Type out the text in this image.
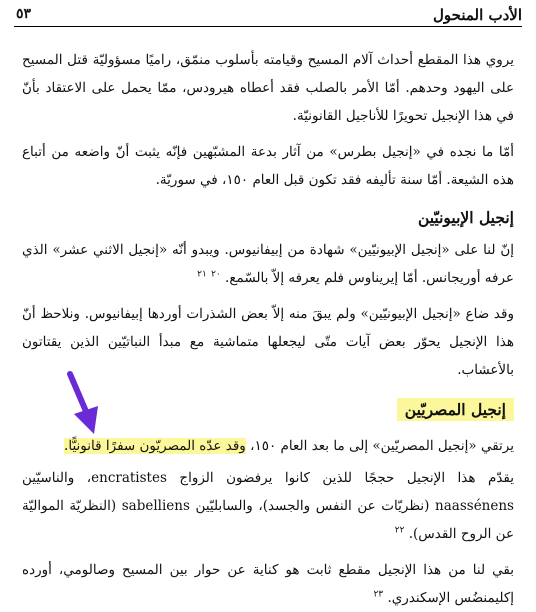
الأدب المنحول
٥٣
يروي هذا المقطع أحداث آلام المسيح وقيامته بأسلوب منمّق، راميًا مسؤوليّة قتل المسيح على اليهود وحدهم. أمّا الأمر بالصلب فقد أعطاه هيرودس، ممّا يحمل على الاعتقاد بأنّ في هذا الإنجيل تحويرًا للأناجيل القانونيّة.
أمّا ما نجده في «إنجيل بطرس» من آثار بدعة المشبّهين فإنّه يثبت أنّ واضعه من أتباع هذه الشيعة. أمّا سنة تأليفه فقد تكون قبل العام ١٥٠، في سوريّة.
إنجيل الإبيونيّين
إنّ لنا على «إنجيل الإبيونيّين» شهادة من إبيفانيوس. ويبدو أنّه «إنجيل الاثني عشر» الذي عرفه أوريجانس. أمّا إيريناوس فلم يعرفه إلاّ بالسّمع. $^{٢٠}$ $^{٢١}$
وقد ضاع «إنجيل الإبيونيّين» ولم يبقَ منه إلاّ بعض الشذرات أوردها إبيفانيوس. ونلاحظ أنّ هذا الإنجيل يحوّر بعض آيات متّى ليجعلها متماشية مع مبدأ النباتيّين الذين يقتاتون بالأعشاب.
إنجيل المصريّين
يرتقي «إنجيل المصريّين» إلى ما بعد العام ١٥٠، وقد عدّه المصريّون سفرًا قانونيًّا.
يقدّم هذا الإنجيل حججًا للذين كانوا يرفضون الزواج encratistes، والناسيّين naassénens (نظريّات عن النفس والجسد)، والسابليّين sabelliens (النظريّة المواليّة عن الروح القدس). $^{٢٢}$
بقي لنا من هذا الإنجيل مقطع ثابت هو كناية عن حوار بين المسيح وصالومي، أورده إكليمنضُس الإسكندري. $^{٢٣}$
